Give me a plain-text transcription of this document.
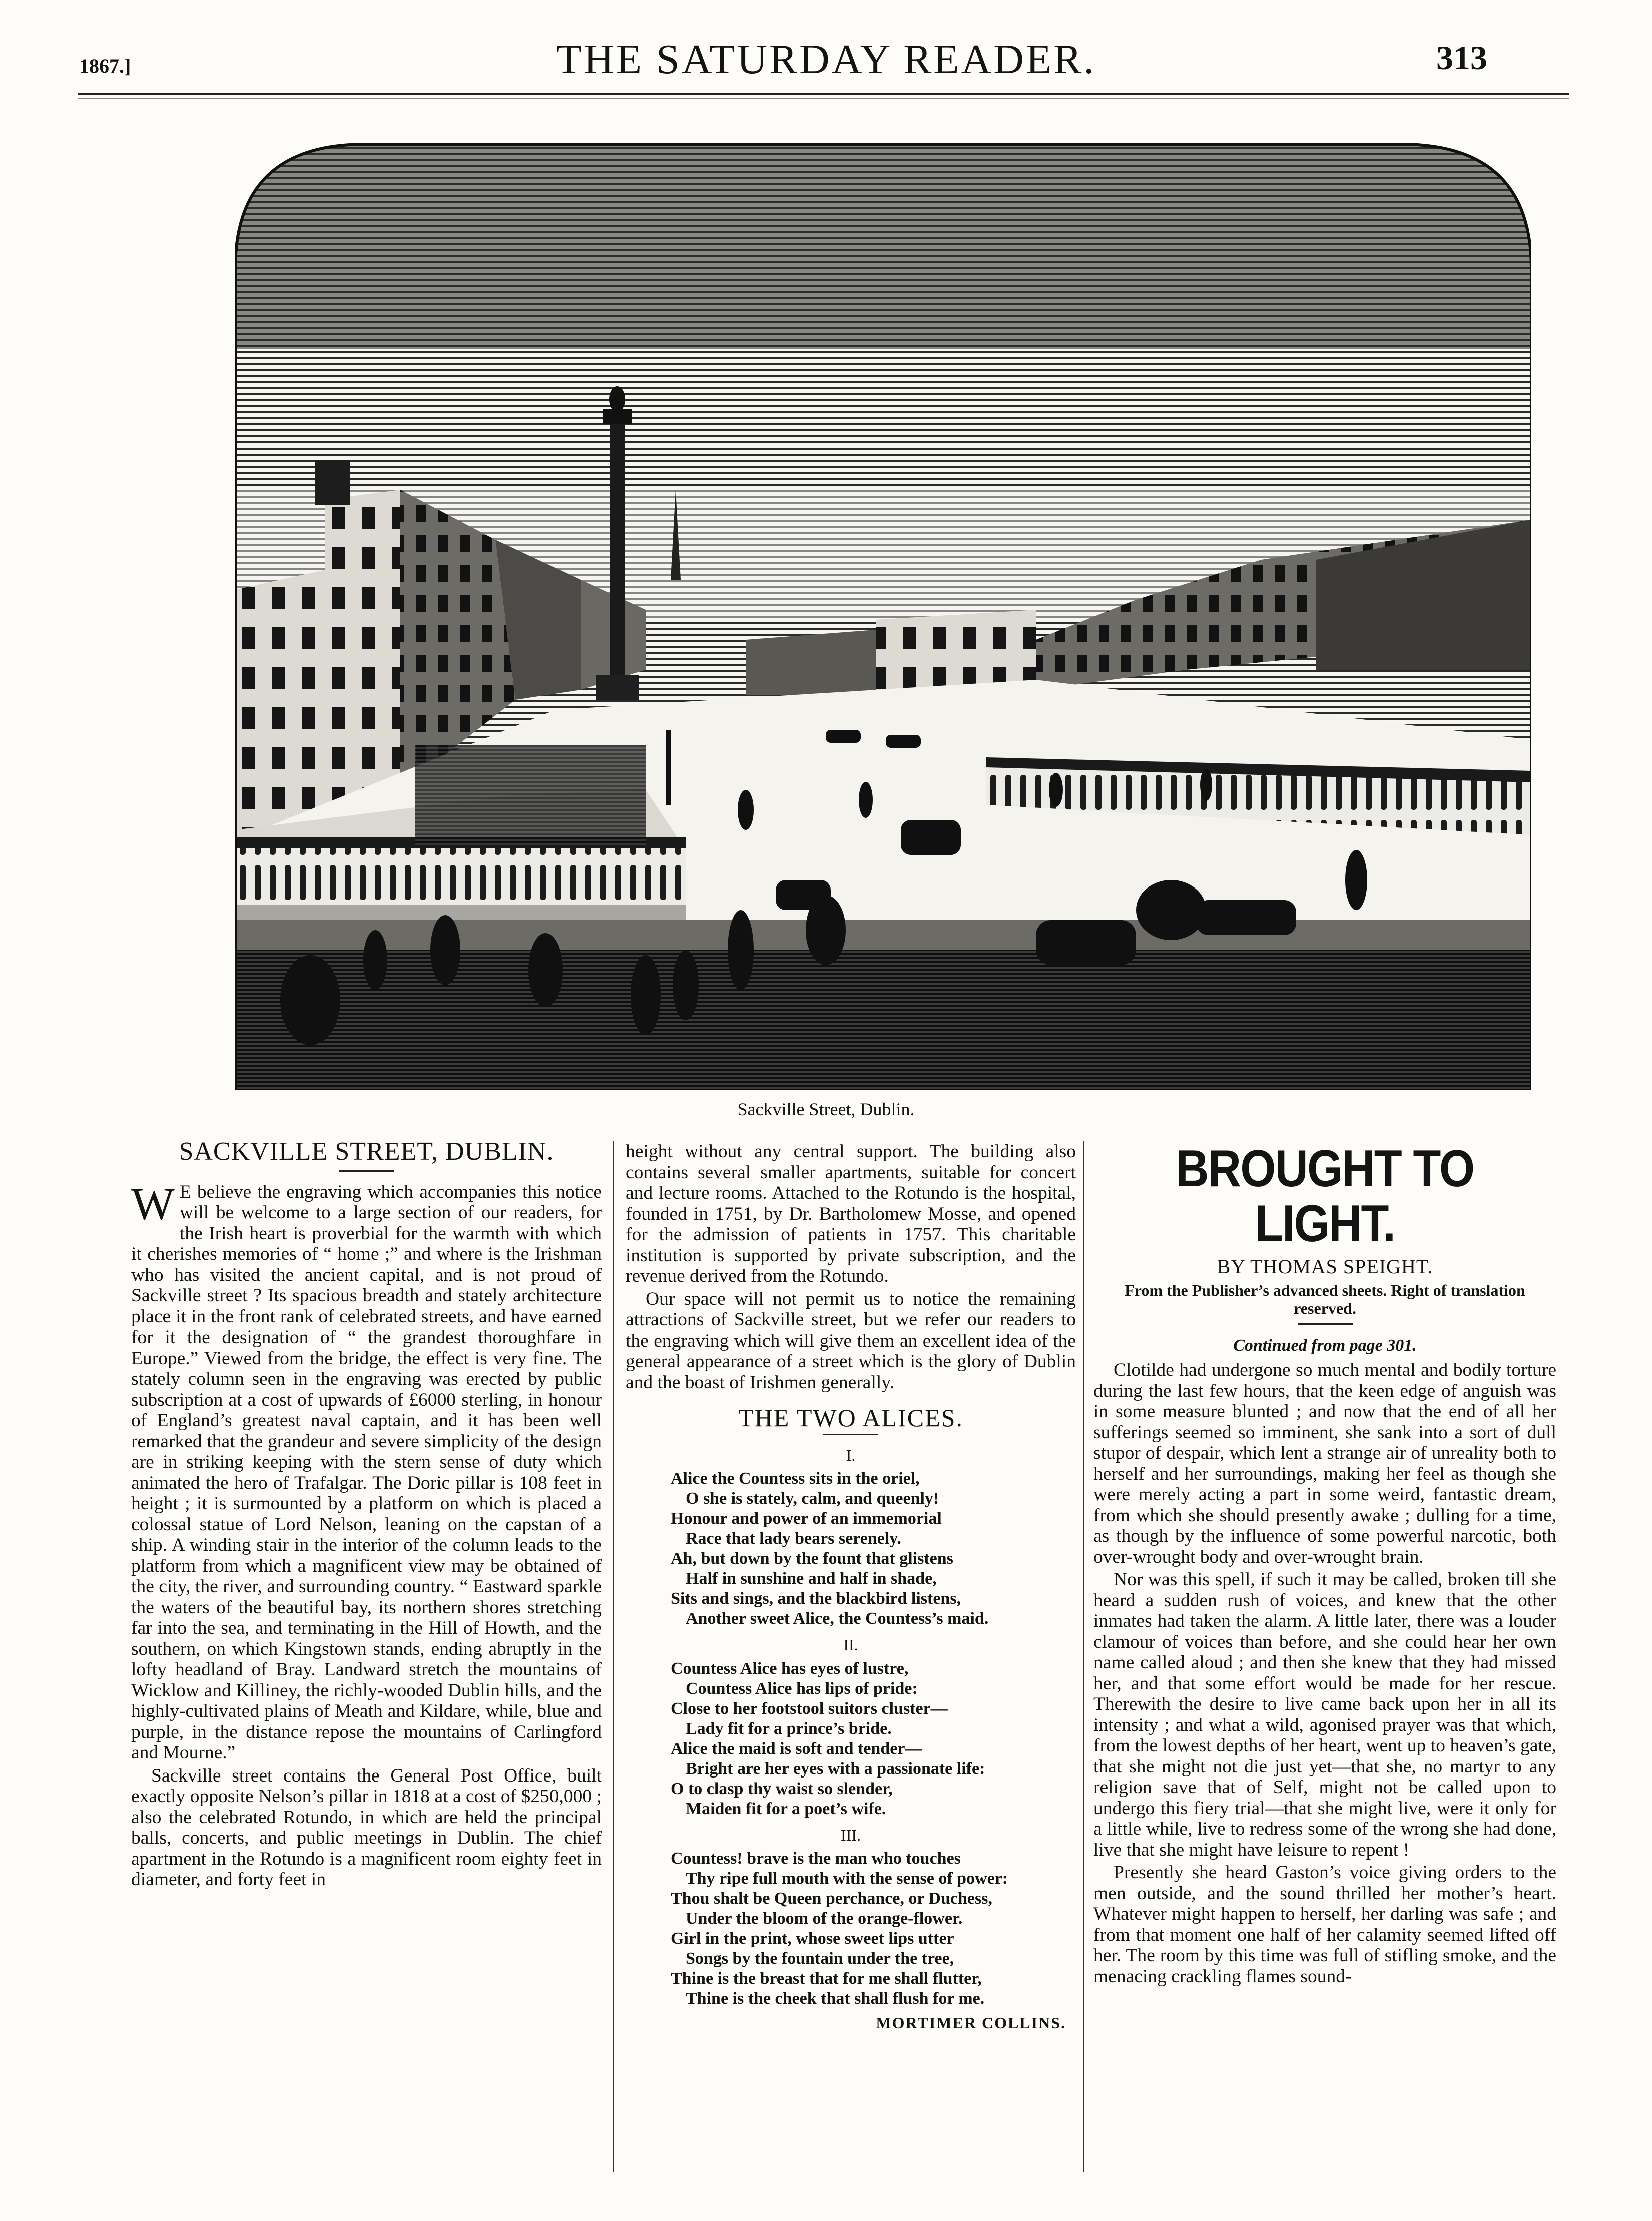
1867.]	THE SATURDAY READER.	313
Sackville Street, Dublin.
SACKVILLE STREET, DUBLIN.

W E believe the engraving which accompanies this notice will be welcome to a large section of our readers, for the Irish heart is proverbial for the warmth with which it cherishes memories of “ home ;” and where is the Irishman who has visited the ancient capital, and is not proud of Sackville street ? Its spacious breadth and stately architecture place it in the front rank of celebrated streets, and have earned for it the designation of “ the grandest thoroughfare in Europe.” Viewed from the bridge, the effect is very fine. The stately column seen in the engraving was erected by public subscription at a cost of upwards of £6000 sterling, in honour of England’s greatest naval captain, and it has been well remarked that the grandeur and severe simplicity of the design are in striking keeping with the stern sense of duty which animated the hero of Trafalgar. The Doric pillar is 108 feet in height ; it is surmounted by a platform on which is placed a colossal statue of Lord Nelson, leaning on the capstan of a ship. A winding stair in the interior of the column leads to the platform from which a magnificent view may be obtained of the city, the river, and surrounding country. “ Eastward sparkle the waters of the beautiful bay, its northern shores stretching far into the sea, and terminating in the Hill of Howth, and the southern, on which Kingstown stands, ending abruptly in the lofty headland of Bray. Landward stretch the mountains of Wicklow and Killiney, the richly-wooded Dublin hills, and the highly-cultivated plains of Meath and Kildare, while, blue and purple, in the distance repose the mountains of Carlingford and Mourne.”

Sackville street contains the General Post Office, built exactly opposite Nelson’s pillar in 1818 at a cost of $250,000 ; also the celebrated Rotundo, in which are held the principal balls, concerts, and public meetings in Dublin. The chief apartment in the Rotundo is a magnificent room eighty feet in diameter, and forty feet in

height without any central support. The building also contains several smaller apartments, suitable for concert and lecture rooms. Attached to the Rotundo is the hospital, founded in 1751, by Dr. Bartholomew Mosse, and opened for the admission of patients in 1757. This charitable institution is supported by private subscription, and the revenue derived from the Rotundo.

Our space will not permit us to notice the remaining attractions of Sackville street, but we refer our readers to the engraving which will give them an excellent idea of the general appearance of a street which is the glory of Dublin and the boast of Irishmen generally.

THE TWO ALICES.
I.
Alice the Countess sits in the oriel,
O she is stately, calm, and queenly!
Honour and power of an immemorial
Race that lady bears serenely.
Ah, but down by the fount that glistens
Half in sunshine and half in shade,
Sits and sings, and the blackbird listens,
Another sweet Alice, the Countess’s maid.
II.
Countess Alice has eyes of lustre,
Countess Alice has lips of pride:
Close to her footstool suitors cluster—
Lady fit for a prince’s bride.
Alice the maid is soft and tender—
Bright are her eyes with a passionate life:
O to clasp thy waist so slender,
Maiden fit for a poet’s wife.
III.
Countess! brave is the man who touches
Thy ripe full mouth with the sense of power:
Thou shalt be Queen perchance, or Duchess,
Under the bloom of the orange-flower.
Girl in the print, whose sweet lips utter
Songs by the fountain under the tree,
Thine is the breast that for me shall flutter,
Thine is the cheek that shall flush for me.
MORTIMER COLLINS.
BROUGHT TO LIGHT.
BY THOMAS SPEIGHT.
From the Publisher’s advanced sheets. Right of translation reserved.
Continued from page 301.

Clotilde had undergone so much mental and bodily torture during the last few hours, that the keen edge of anguish was in some measure blunted ; and now that the end of all her sufferings seemed so imminent, she sank into a sort of dull stupor of despair, which lent a strange air of unreality both to herself and her surroundings, making her feel as though she were merely acting a part in some weird, fantastic dream, from which she should presently awake ; dulling for a time, as though by the influence of some powerful narcotic, both over-wrought body and over-wrought brain.

Nor was this spell, if such it may be called, broken till she heard a sudden rush of voices, and knew that the other inmates had taken the alarm. A little later, there was a louder clamour of voices than before, and she could hear her own name called aloud ; and then she knew that they had missed her, and that some effort would be made for her rescue. Therewith the desire to live came back upon her in all its intensity ; and what a wild, agonised prayer was that which, from the lowest depths of her heart, went up to heaven’s gate, that she might not die just yet—that she, no martyr to any religion save that of Self, might not be called upon to undergo this fiery trial—that she might live, were it only for a little while, live to redress some of the wrong she had done, live that she might have leisure to repent !

Presently she heard Gaston’s voice giving orders to the men outside, and the sound thrilled her mother’s heart. Whatever might happen to herself, her darling was safe ; and from that moment one half of her calamity seemed lifted off her. The room by this time was full of stifling smoke, and the menacing crackling flames sound-
